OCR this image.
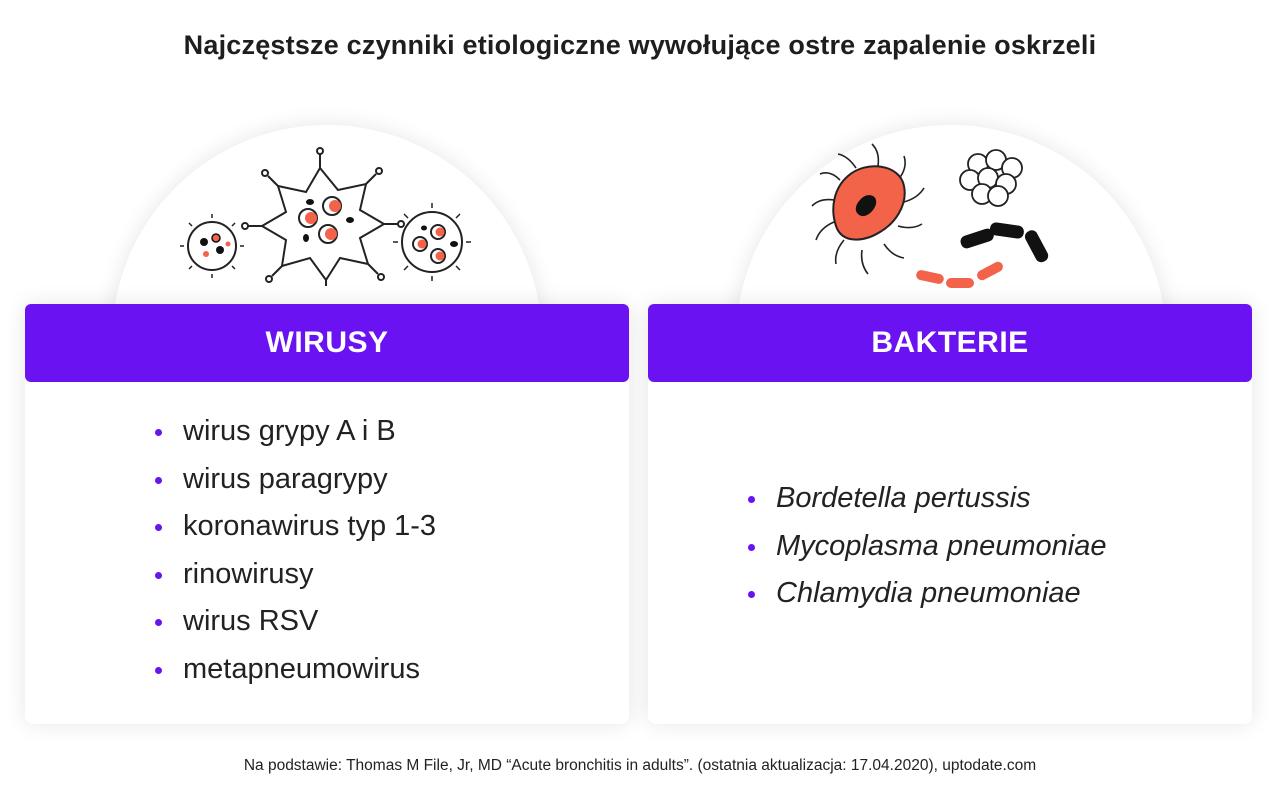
Najczęstsze czynniki etiologiczne wywołujące ostre zapalenie oskrzeli
WIRUSY	BAKTERIE
wirus grypy A i B
wirus paragrypy
koronawirus typ 1-3
rinowirusy
wirus RSV
metapneumowirus
Bordetella pertussis
Mycoplasma pneumoniae
Chlamydia pneumoniae
Na podstawie: Thomas M File, Jr, MD “Acute bronchitis in adults”. (ostatnia aktualizacja: 17.04.2020), uptodate.com
